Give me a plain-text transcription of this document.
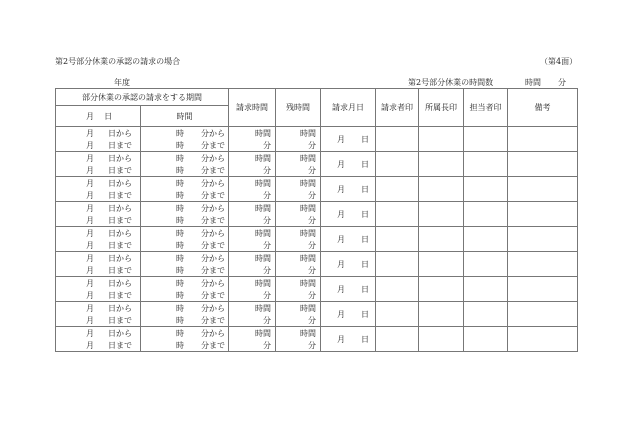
第2号部分休業の承認の請求の場合	（第4面）
年度	第2号部分休業の時間数	時間 分
部分休業の承認の請求をする期間		請求時間	残時間	請求月日	請求者印	所属長印	担当者印	備考
月 日	時間							

月 日から	時 分から	時間	時間	月 日				

月 日まで	時 分まで	分	分					

月 日から	時 分から	時間	時間	月 日				

月 日まで	時 分まで	分	分					

月 日から	時 分から	時間	時間	月 日				

月 日まで	時 分まで	分	分					

月 日から	時 分から	時間	時間	月 日				

月 日まで	時 分まで	分	分					

月 日から	時 分から	時間	時間	月 日				

月 日まで	時 分まで	分	分					

月 日から	時 分から	時間	時間	月 日				

月 日まで	時 分まで	分	分					

月 日から	時 分から	時間	時間	月 日				

月 日まで	時 分まで	分	分					

月 日から	時 分から	時間	時間	月 日				

月 日まで	時 分まで	分	分					

月 日から	時 分から	時間	時間	月 日				

月 日まで	時 分まで	分	分					
